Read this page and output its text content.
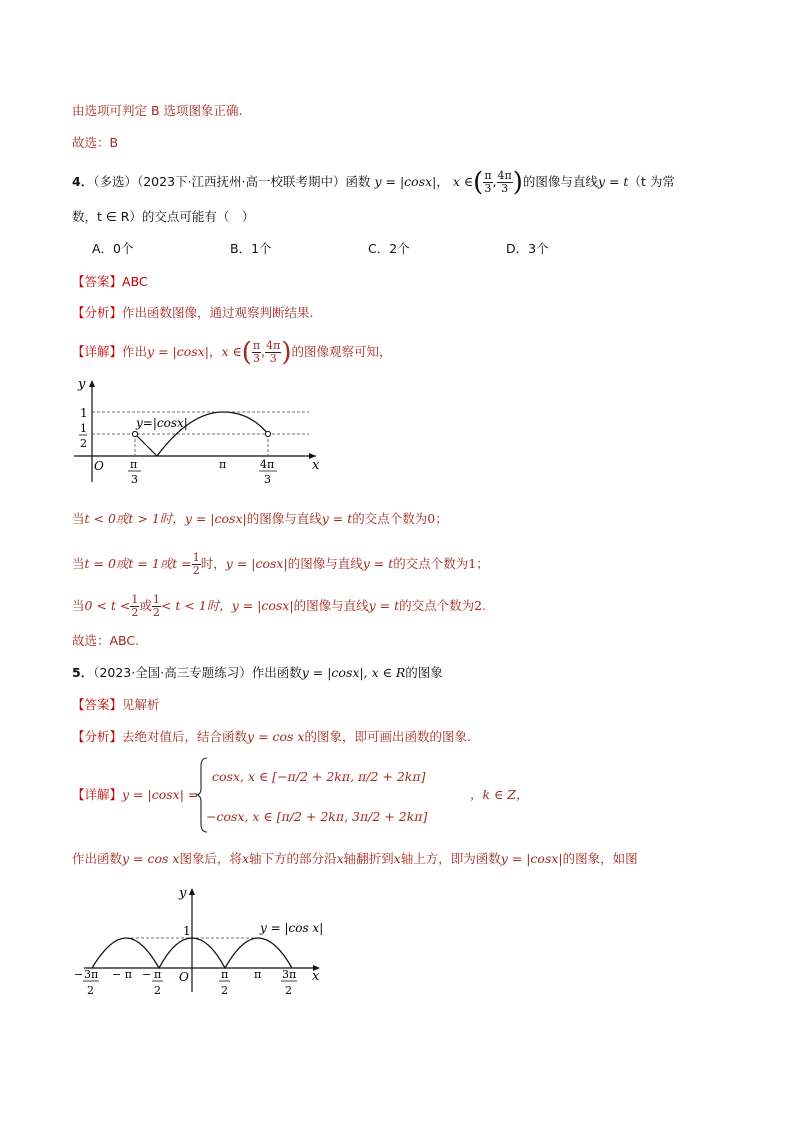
由选项可判定 B 选项图象正确.
故选：B
4．（多选）（2023下·江西抚州·高一校联考期中）函数 y = |cosx|， x ∈( $\frac{\pi}{3}$ , $\frac{4\pi}{3}$ )的图像与直线y = t（t 为常
数，t ∈ R）的交点可能有（　）
A．0个	B．1个	C．2个	D．3个
【答案】ABC
【分析】作出函数图像，通过观察判断结果.
【详解】作出y = |cosx|，x ∈( $\frac{\pi}{3}$ , $\frac{4\pi}{3}$ )的图像观察可知，
y
x
O
1
1
2
y=|cosx|
π
3
π	4π
3
当t < 0或t > 1时，y = |cosx|的图像与直线y = t的交点个数为0；
当t = 0或t = 1或$t = \frac{1}{2}$ 时，y = |cosx|的图像与直线y = t的交点个数为1；
当$0 < t < \frac{1}{2}$ 或 $\frac{1}{2} < t < 1$时，y = |cosx|的图像与直线y = t的交点个数为2.
故选：ABC.
5．（2023·全国·高三专题练习）作出函数y = |cosx|, x ∈ R的图象
【答案】见解析
【分析】去绝对值后，结合函数y = cos x的图象，即可画出函数的图象.
【详解】y = |cosx| =
cosx, x ∈ [−π/2 + 2kπ, π/2 + 2kπ]
−cosx, x ∈ [π/2 + 2kπ, 3π/2 + 2kπ]
，k ∈ Z，
作出函数y = cos x图象后，将x轴下方的部分沿x轴翻折到x轴上方，即为函数y = |cosx|的图象，如图
y
x
O
1	y = |cos x|
− 3π
2
− π − π
2
π
2
π 3π
2
